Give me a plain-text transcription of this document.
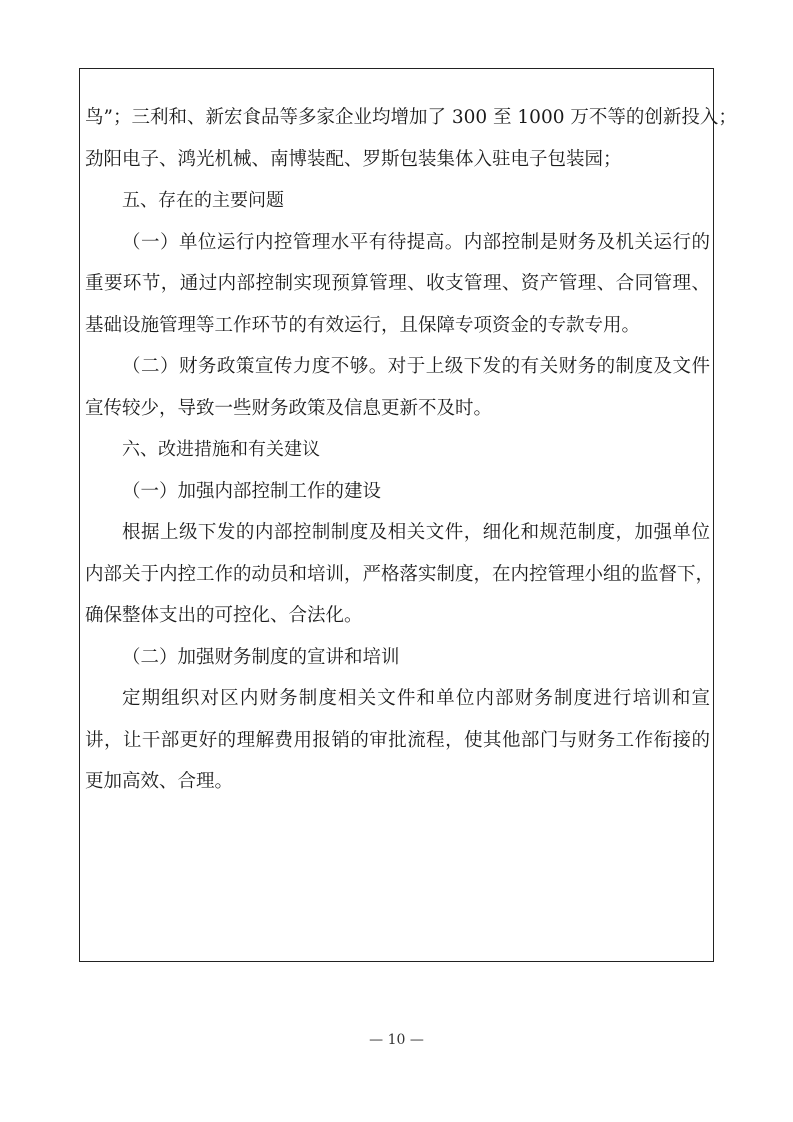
鸟”；三利和、新宏食品等多家企业均增加了 300 至 1000 万不等的创新投入；
劲阳电子、鸿光机械、南博装配、罗斯包装集体入驻电子包装园；
五、存在的主要问题
（一）单位运行内控管理水平有待提高。内部控制是财务及机关运行的
重要环节，通过内部控制实现预算管理、收支管理、资产管理、合同管理、
基础设施管理等工作环节的有效运行，且保障专项资金的专款专用。
（二）财务政策宣传力度不够。对于上级下发的有关财务的制度及文件
宣传较少，导致一些财务政策及信息更新不及时。
六、改进措施和有关建议
（一）加强内部控制工作的建设
根据上级下发的内部控制制度及相关文件，细化和规范制度，加强单位
内部关于内控工作的动员和培训，严格落实制度，在内控管理小组的监督下，
确保整体支出的可控化、合法化。
（二）加强财务制度的宣讲和培训
定期组织对区内财务制度相关文件和单位内部财务制度进行培训和宣
讲，让干部更好的理解费用报销的审批流程，使其他部门与财务工作衔接的
更加高效、合理。
— 10 —
